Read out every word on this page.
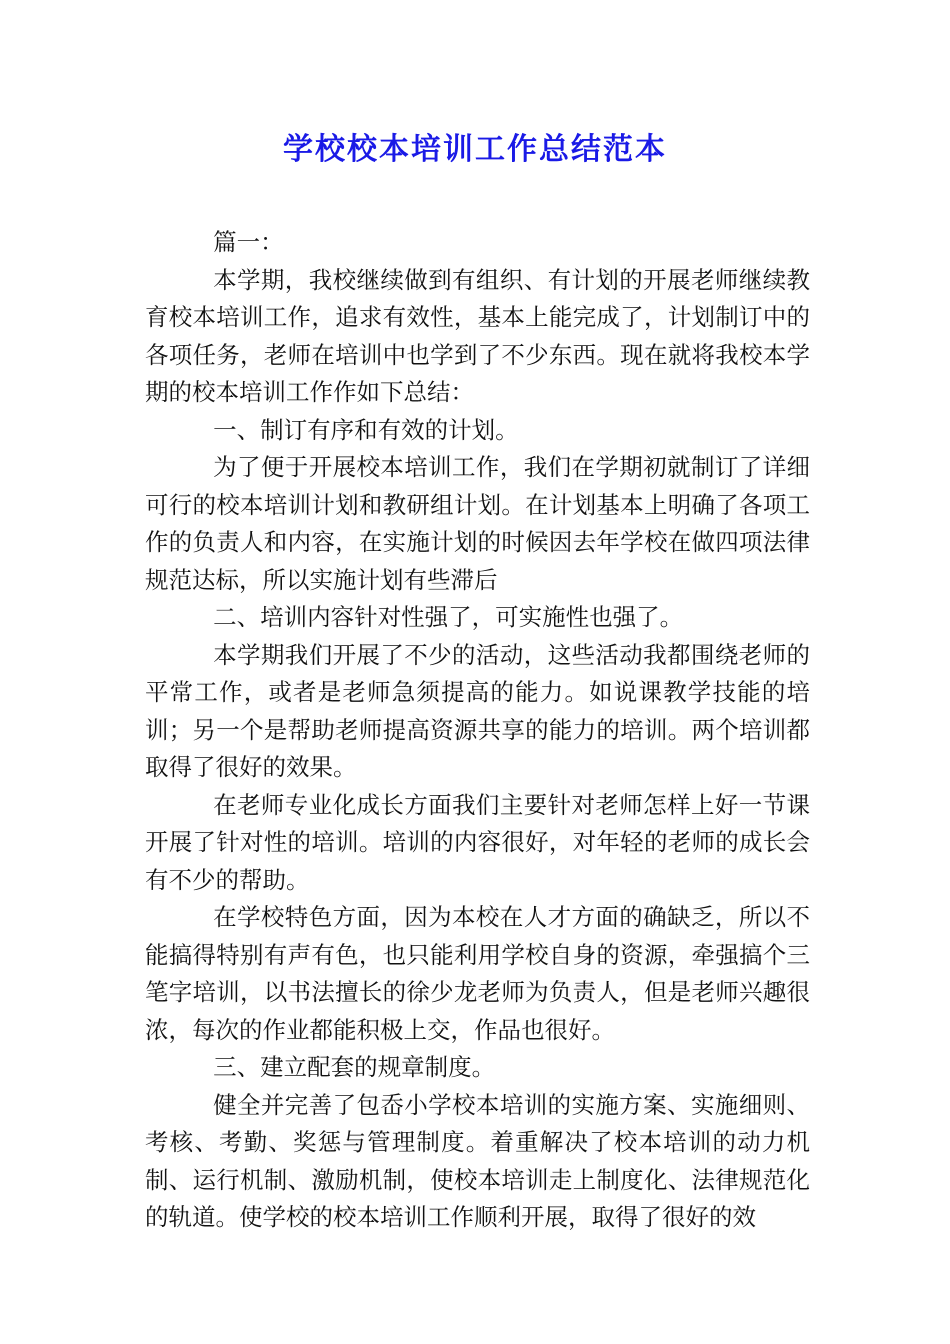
学校校本培训工作总结范本

篇一：

本学期，我校继续做到有组织、有计划的开展老师继续教育校本培训工作，追求有效性，基本上能完成了，计划制订中的各项任务，老师在培训中也学到了不少东西。现在就将我校本学期的校本培训工作作如下总结：

一、制订有序和有效的计划。

为了便于开展校本培训工作，我们在学期初就制订了详细可行的校本培训计划和教研组计划。在计划基本上明确了各项工作的负责人和内容，在实施计划的时候因去年学校在做四项法律规范达标，所以实施计划有些滞后

二、培训内容针对性强了，可实施性也强了。

本学期我们开展了不少的活动，这些活动我都围绕老师的平常工作，或者是老师急须提高的能力。如说课教学技能的培训；另一个是帮助老师提高资源共享的能力的培训。两个培训都取得了很好的效果。

在老师专业化成长方面我们主要针对老师怎样上好一节课开展了针对性的培训。培训的内容很好，对年轻的老师的成长会有不少的帮助。

在学校特色方面，因为本校在人才方面的确缺乏，所以不能搞得特别有声有色，也只能利用学校自身的资源，牵强搞个三笔字培训，以书法擅长的徐少龙老师为负责人，但是老师兴趣很浓，每次的作业都能积极上交，作品也很好。

三、建立配套的规章制度。

健全并完善了包岙小学校本培训的实施方案、实施细则、考核、考勤、奖惩与管理制度。着重解决了校本培训的动力机制、运行机制、激励机制，使校本培训走上制度化、法律规范化的轨道。使学校的校本培训工作顺利开展，取得了很好的效
